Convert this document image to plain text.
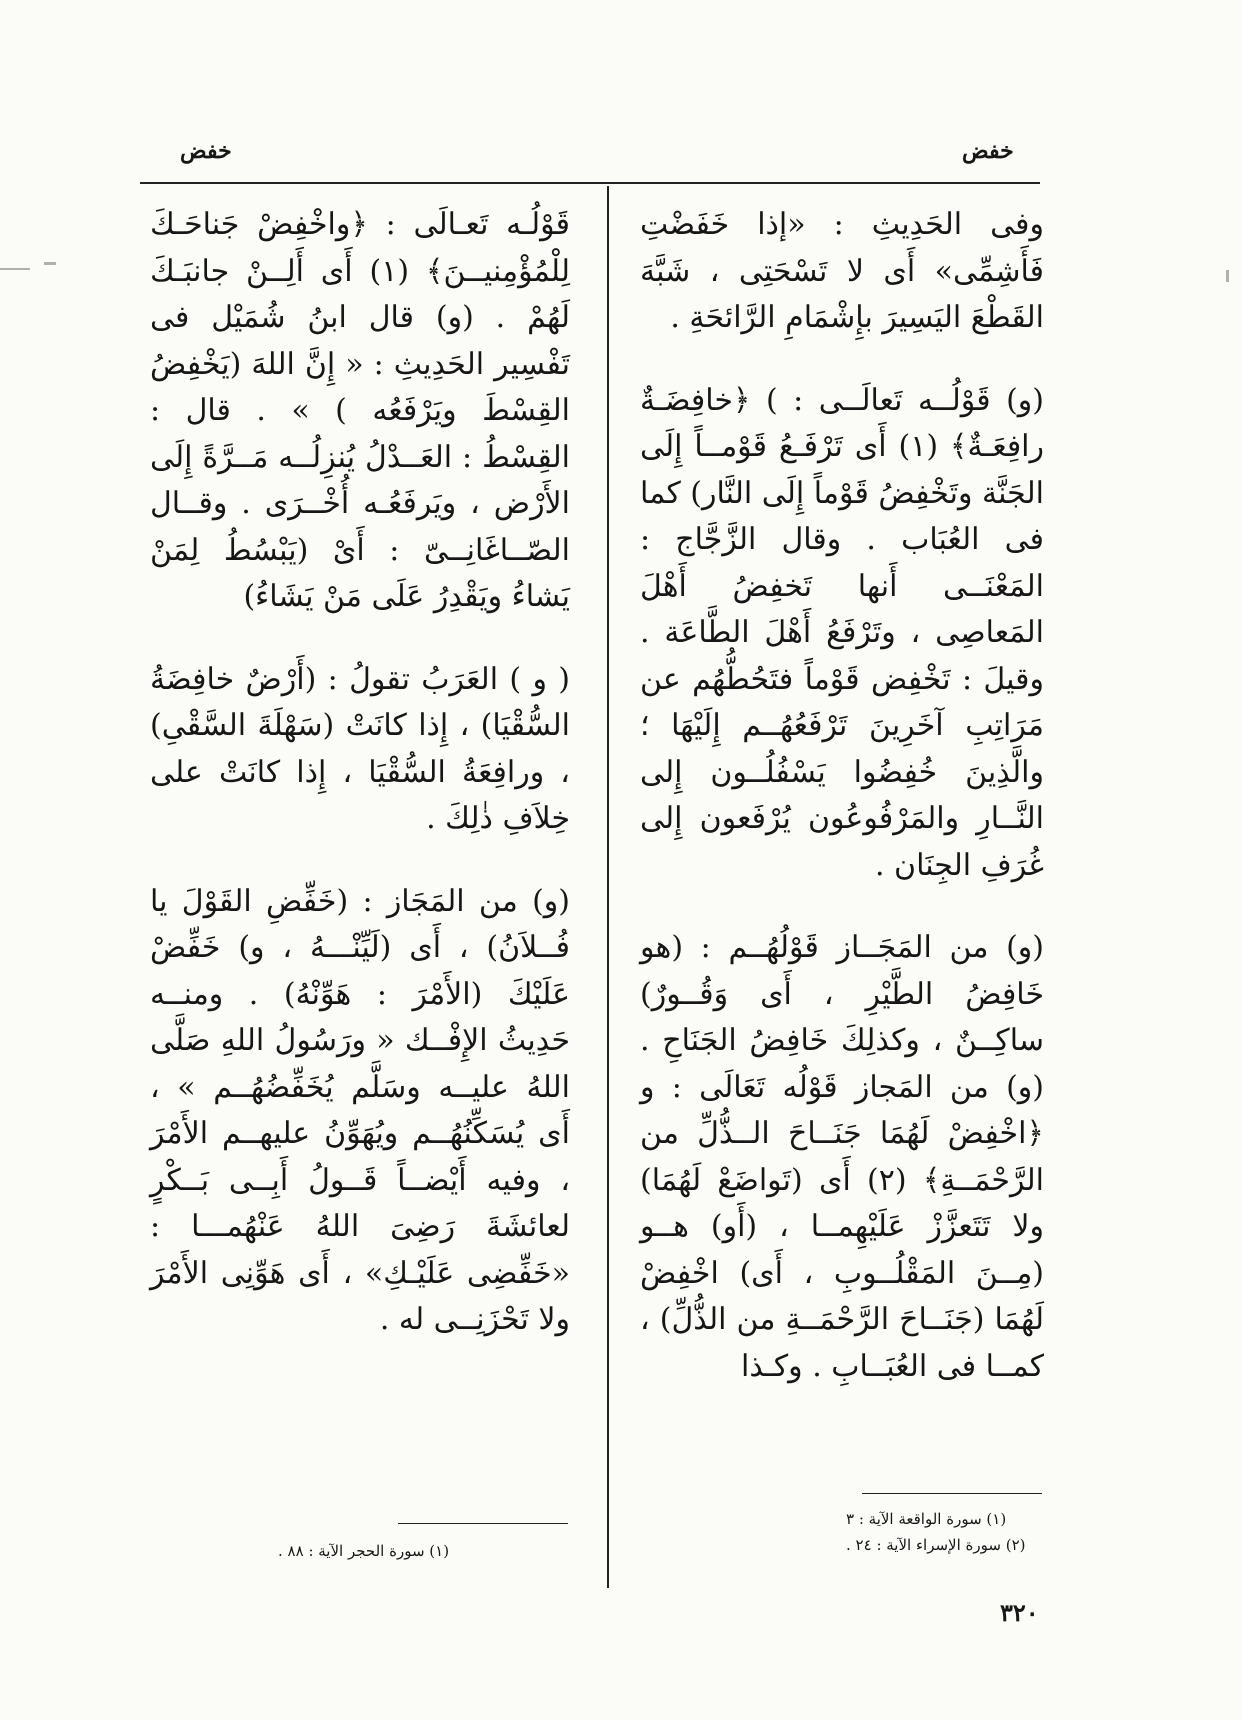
خفض
خفض

وفى الحَدِيثِ : «إذا خَفَضْتِ فَأَشِمِّى» أَى لا تَسْحَتِى ، شَبَّهَ القَطْعَ اليَسِيرَ بإِشْمَامِ الرَّائحَةِ .

(و) قَوْلُــه تَعالَــى : ) ﴿خافِضَـةٌ رافِعَـةٌ﴾ (١) أَى تَرْفَـعُ قَوْمــاً إِلَى الجَنَّة وتَخْفِضُ قَوْماً إِلَى النَّار) كما فى العُبَاب . وقال الزَّجَّاج : المَعْنَــى أَنها تَخفِضُ أَهْلَ المَعاصِى ، وتَرْفَعُ أَهْلَ الطَّاعَة . وقيلَ : تَخْفِض قَوْماً فتَحُطُّهُم عن مَرَاتِبِ آخَرِينَ تَرْفَعُهُــم إِلَيْهَا ؛ والَّذِينَ خُفِضُوا يَسْفُلُــون إِلى النَّــارِ والمَرْفُوعُون يُرْفَعون إِلى غُرَفِ الجِنَان .

(و) من المَجَــاز قَوْلُهُــم : (هو خَافِضُ الطَّيْرِ ، أَى وَقُــورٌ) ساكِــنٌ ، وكذلِكَ خَافِضُ الجَنَاحِ . (و) من المَجاز قَوْلُه تَعَالَى : و ﴿اخْفِضْ لَهُمَا جَنَــاحَ الــذُّلِّ من الرَّحْمَــةِ﴾ (٢) أَى (تَواضَعْ لَهُمَا) ولا تَتَعزَّزْ عَلَيْهِمــا ، (أَو) هــو (مِــنَ المَقْلُــوبِ ، أَى) اخْفِضْ لَهُمَا (جَنَــاحَ الرَّحْمَــةِ من الذُّلِّ) ، كمــا فى العُبَــابِ . وكـذا

قَوْلُـه تَعـالَى : ﴿واخْفِضْ جَناحَـكَ لِلْمُؤْمِنيــنَ﴾ (١) أَى أَلِــنْ جانبَـكَ لَهُمْ . (و) قال ابنُ شُمَيْل فى تَفْسِير الحَدِيثِ : « إِنَّ اللهَ (يَخْفِضُ القِسْطَ ويَرْفَعُه ) » . قال : القِسْطُ : العَــدْلُ يُنزِلُــه مَــرَّةً إِلَى الأَرْض ، ويَرفَعُـه أُخْــرَى . وقــال الصّــاغَانِــىّ : أَىْ (يَبْسُطُ لِمَنْ يَشاءُ ويَقْدِرُ عَلَى مَنْ يَشَاءُ)

( و ) العَرَبُ تقولُ : (أَرْضٌ خافِضَةُ السُّقْيَا) ، إِذا كانَتْ (سَهْلَةَ السَّقْىِ) ، ورافِعَةُ السُّقْيَا ، إِذا كانَتْ على خِلاَفِ ذٰلِكَ .

(و) من المَجَاز : (خَفِّضِ القَوْلَ يا فُــلاَنُ) ، أَى (لَيِّنْـــهُ ، و) خَفِّضْ عَلَيْكَ (الأَمْرَ : هَوِّنْهُ) . ومنــه حَدِيثُ الإِفْــك « ورَسُولُ اللهِ صَلَّى اللهُ عليــه وسَلَّم يُخَفِّضُهُــم » ، أَى يُسَكِّنُهُــم ويُهَوِّنُ عليهــم الأَمْرَ ، وفيه أَيْضــاً قَــولُ أَبِــى بَــكْرٍ لعائشَةَ رَضِىَ اللهُ عَنْهُمـــا : «خَفِّضِى عَلَيْـكِ» ، أَى هَوِّنِى الأَمْرَ ولا تَحْزَنِــى له .

(١) سورة الواقعة الآية : ٣
(٢) سورة الإسراء الآية : ٢٤ .
(١) سورة الحجر الآية : ٨٨ .
٣٢٠
